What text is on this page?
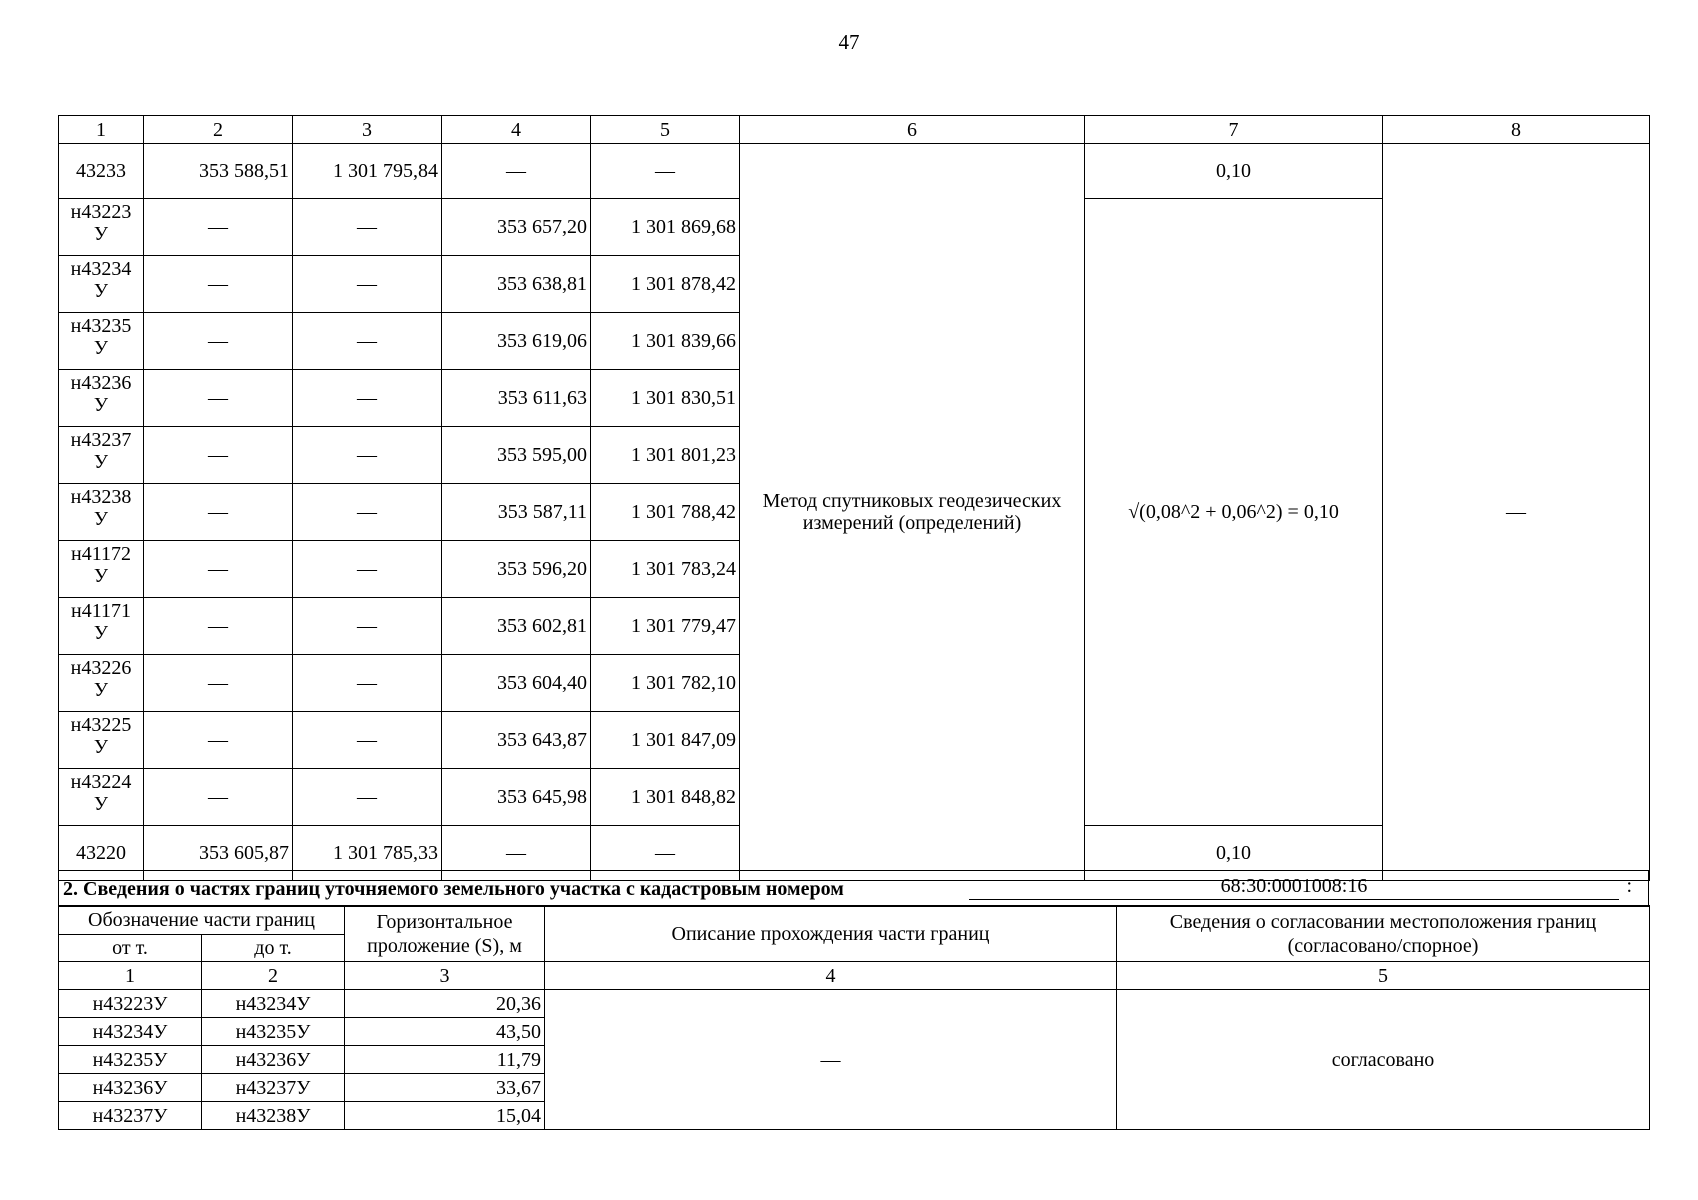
47
1	2	3	4	5	6	7	8
43233	353 588,51	1 301 795,84	—	—	Метод спутниковых геодезических измерений (определений)	0,10	—
н43223 У	—	—	353 657,20	1 301 869,68		√(0,08^2 + 0,06^2) = 0,10	
н43234 У	—	—	353 638,81	1 301 878,42			
н43235 У	—	—	353 619,06	1 301 839,66			
н43236 У	—	—	353 611,63	1 301 830,51			
н43237 У	—	—	353 595,00	1 301 801,23			
н43238 У	—	—	353 587,11	1 301 788,42			
н41172 У	—	—	353 596,20	1 301 783,24			
н41171 У	—	—	353 602,81	1 301 779,47			
н43226 У	—	—	353 604,40	1 301 782,10			
н43225 У	—	—	353 643,87	1 301 847,09			
н43224 У	—	—	353 645,98	1 301 848,82			
43220	353 605,87	1 301 785,33	—	—		0,10	
2. Сведения о частях границ уточняемого земельного участка с кадастровым номером	68:30:0001008:16	:
Обозначение части границ		Горизонтальное проложение (S), м	Описание прохождения части границ	Сведения о согласовании местоположения границ (согласовано/спорное)
от т.	до т.			
1	2	3	4	5
н43223У	н43234У	20,36	—	согласовано
н43234У	н43235У	43,50		
н43235У	н43236У	11,79		
н43236У	н43237У	33,67		
н43237У	н43238У	15,04		
